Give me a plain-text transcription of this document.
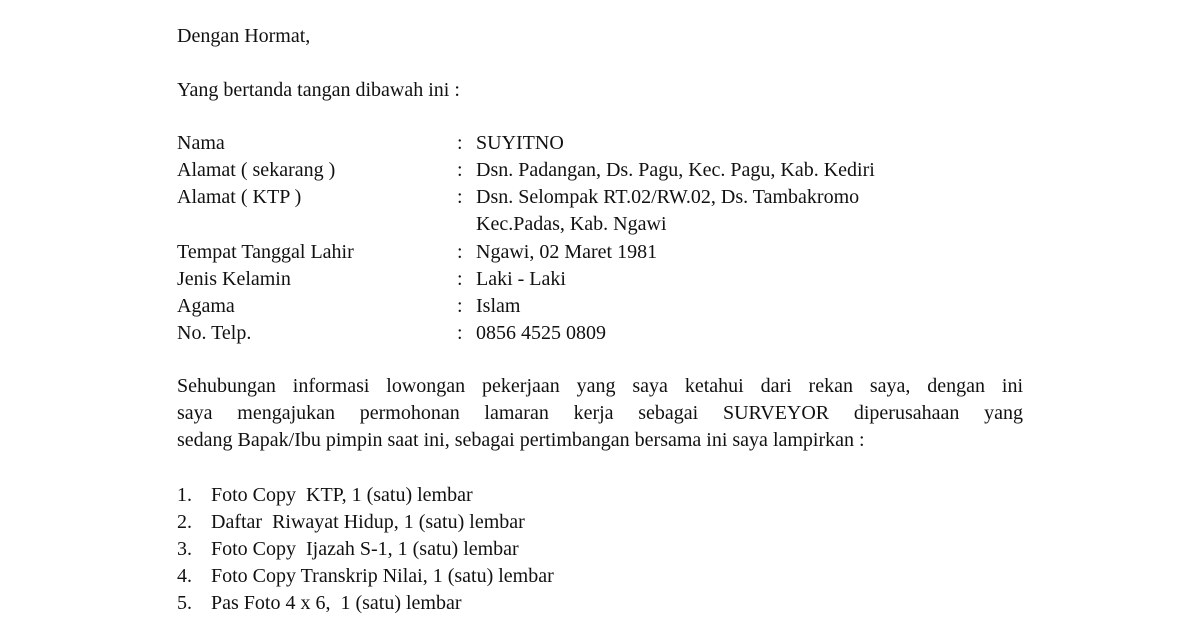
Dengan Hormat,
Yang bertanda tangan dibawah ini :
Nama	: SUYITNO
Alamat ( sekarang )	: Dsn. Padangan, Ds. Pagu, Kec. Pagu, Kab. Kediri
Alamat ( KTP )	: Dsn. Selompak RT.02/RW.02, Ds. Tambakromo
Kec.Padas, Kab. Ngawi
Tempat Tanggal Lahir	: Ngawi, 02 Maret 1981
Jenis Kelamin	: Laki - Laki
Agama	: Islam
No. Telp.	: 0856 4525 0809
Sehubungan informasi lowongan pekerjaan yang saya ketahui dari rekan saya, dengan ini
saya mengajukan permohonan lamaran kerja sebagai SURVEYOR diperusahaan yang
sedang Bapak/Ibu pimpin saat ini, sebagai pertimbangan bersama ini saya lampirkan :
1. Foto Copy  KTP, 1 (satu) lembar
2. Daftar  Riwayat Hidup, 1 (satu) lembar
3. Foto Copy  Ijazah S-1, 1 (satu) lembar
4. Foto Copy Transkrip Nilai, 1 (satu) lembar
5. Pas Foto 4 x 6,  1 (satu) lembar
